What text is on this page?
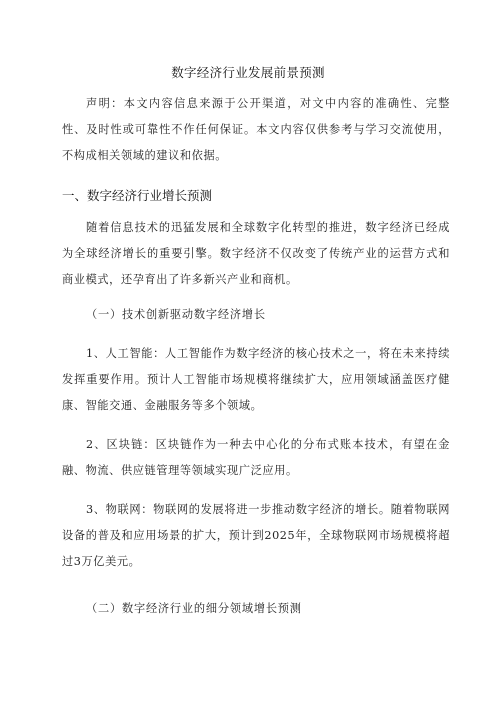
数字经济行业发展前景预测
声明：本文内容信息来源于公开渠道，对文中内容的准确性、完整性、及时性或可靠性不作任何保证。本文内容仅供参考与学习交流使用，不构成相关领域的建议和依据。
一、数字经济行业增长预测
随着信息技术的迅猛发展和全球数字化转型的推进，数字经济已经成为全球经济增长的重要引擎。数字经济不仅改变了传统产业的运营方式和商业模式，还孕育出了许多新兴产业和商机。
（一）技术创新驱动数字经济增长
1、人工智能：人工智能作为数字经济的核心技术之一，将在未来持续发挥重要作用。预计人工智能市场规模将继续扩大，应用领域涵盖医疗健康、智能交通、金融服务等多个领域。
2、区块链：区块链作为一种去中心化的分布式账本技术，有望在金融、物流、供应链管理等领域实现广泛应用。
3、物联网：物联网的发展将进一步推动数字经济的增长。随着物联网设备的普及和应用场景的扩大，预计到2025年，全球物联网市场规模将超过3万亿美元。
（二）数字经济行业的细分领域增长预测
